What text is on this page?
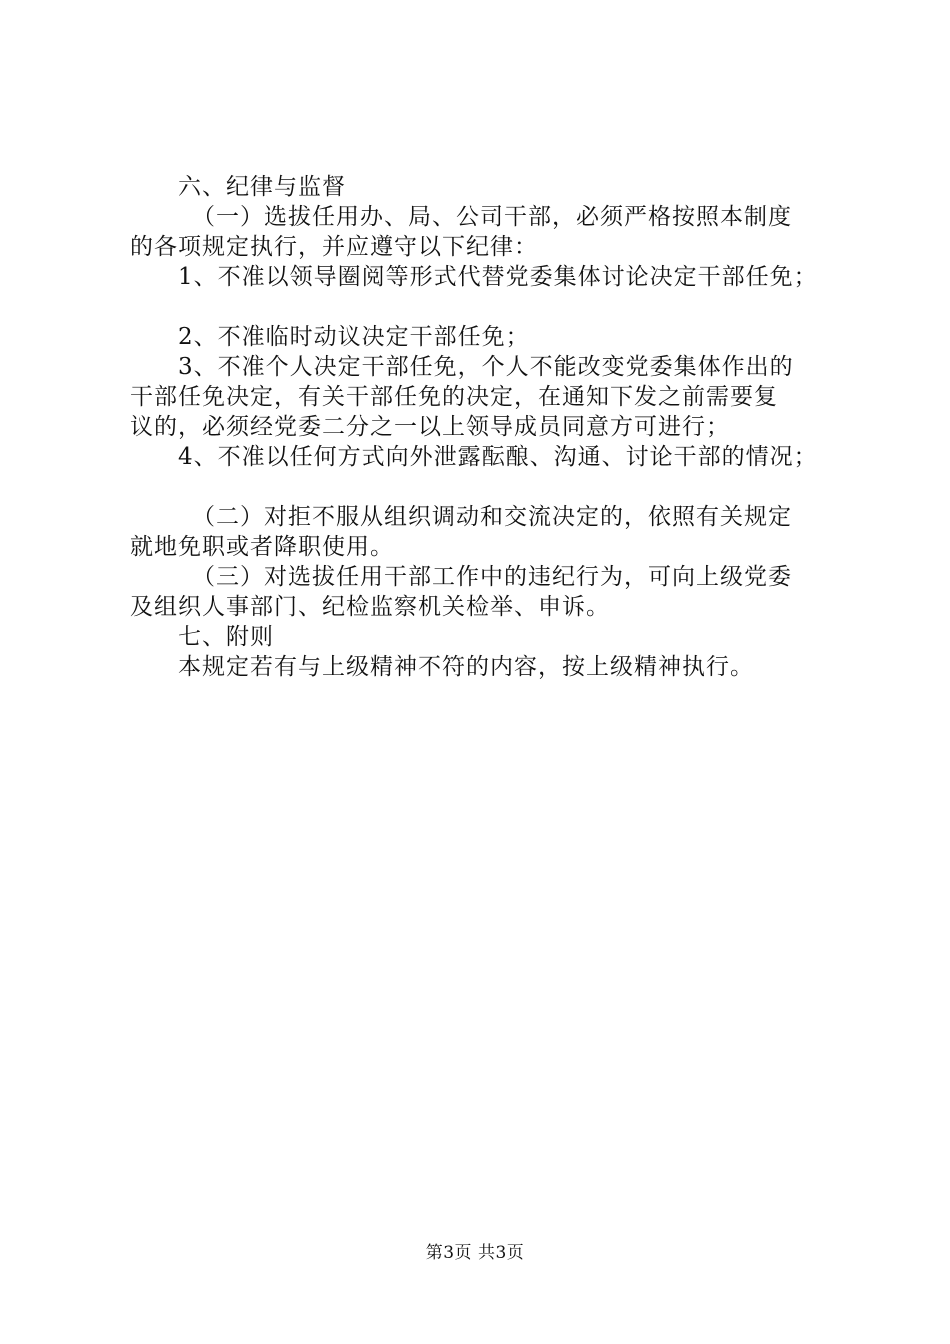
六、纪律与监督
（一）选拔任用办、局、公司干部，必须严格按照本制度
的各项规定执行，并应遵守以下纪律：
1、不准以领导圈阅等形式代替党委集体讨论决定干部任免；
2、不准临时动议决定干部任免；
3、不准个人决定干部任免，个人不能改变党委集体作出的
干部任免决定，有关干部任免的决定，在通知下发之前需要复
议的，必须经党委二分之一以上领导成员同意方可进行；
4、不准以任何方式向外泄露酝酿、沟通、讨论干部的情况；
（二）对拒不服从组织调动和交流决定的，依照有关规定
就地免职或者降职使用。
（三）对选拔任用干部工作中的违纪行为，可向上级党委
及组织人事部门、纪检监察机关检举、申诉。
七、附则
本规定若有与上级精神不符的内容，按上级精神执行。
第3页 共3页
